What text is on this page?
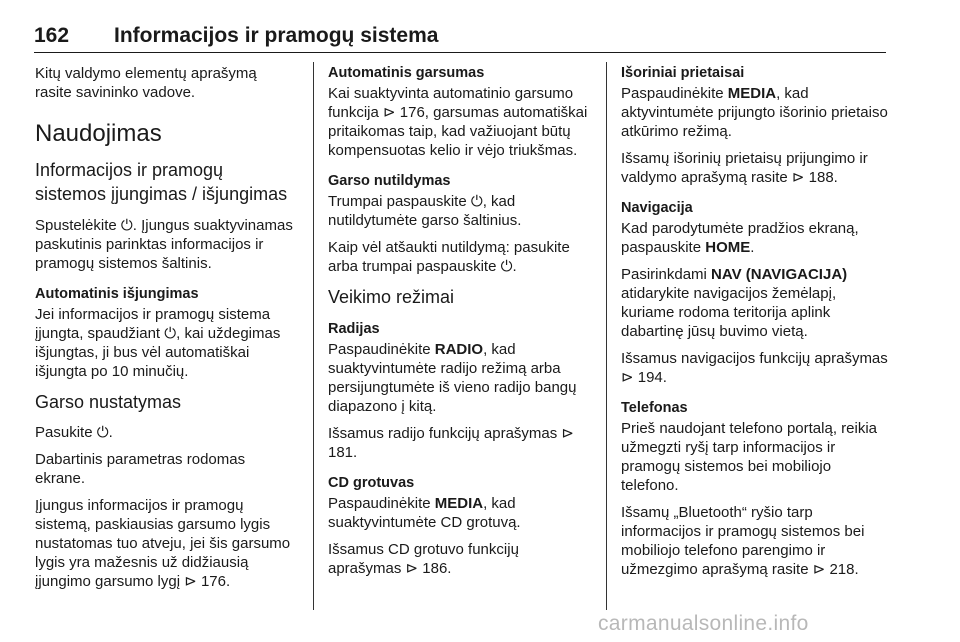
162 Informacijos ir pramogų sistema

Kitų valdymo elementų aprašymą rasite savininko vadove.

Naudojimas
Informacijos ir pramogų sistemos įjungimas / išjungimas

Spustelėkite ⏻. Įjungus suaktyvinamas paskutinis parinktas informacijos ir pramogų sistemos šaltinis.

Automatinis išjungimas

Jei informacijos ir pramogų sistema įjungta, spaudžiant ⏻, kai uždegimas išjungtas, ji bus vėl automatiškai išjungta po 10 minučių.

Garso nustatymas

Pasukite ⏻.

Dabartinis parametras rodomas ekrane.

Įjungus informacijos ir pramogų sistemą, paskiausias garsumo lygis nustatomas tuo atveju, jei šis garsumo lygis yra mažesnis už didžiausią įjungimo garsumo lygį ⊳ 176.

Automatinis garsumas

Kai suaktyvinta automatinio garsumo funkcija ⊳ 176, garsumas automatiškai pritaikomas taip, kad važiuojant būtų kompensuotas kelio ir vėjo triukšmas.

Garso nutildymas

Trumpai paspauskite ⏻, kad nutildytumėte garso šaltinius.

Kaip vėl atšaukti nutildymą: pasukite arba trumpai paspauskite ⏻.

Veikimo režimai
Radijas

Paspaudinėkite RADIO, kad suaktyvintumėte radijo režimą arba persijungtumėte iš vieno radijo bangų diapazono į kitą.

Išsamus radijo funkcijų aprašymas ⊳ 181.

CD grotuvas

Paspaudinėkite MEDIA, kad suaktyvintumėte CD grotuvą.

Išsamus CD grotuvo funkcijų aprašymas ⊳ 186.

Išoriniai prietaisai

Paspaudinėkite MEDIA, kad aktyvintumėte prijungto išorinio prietaiso atkūrimo režimą.

Išsamų išorinių prietaisų prijungimo ir valdymo aprašymą rasite ⊳ 188.

Navigacija

Kad parodytumėte pradžios ekraną, paspauskite HOME.

Pasirinkdami NAV (NAVIGACIJA) atidarykite navigacijos žemėlapį, kuriame rodoma teritorija aplink dabartinę jūsų buvimo vietą.

Išsamus navigacijos funkcijų aprašymas ⊳ 194.

Telefonas

Prieš naudojant telefono portalą, reikia užmegzti ryšį tarp informacijos ir pramogų sistemos bei mobiliojo telefono.

Išsamų „Bluetooth“ ryšio tarp informacijos ir pramogų sistemos bei mobiliojo telefono parengimo ir užmezgimo aprašymą rasite ⊳ 218.

carmanualsonline.info
